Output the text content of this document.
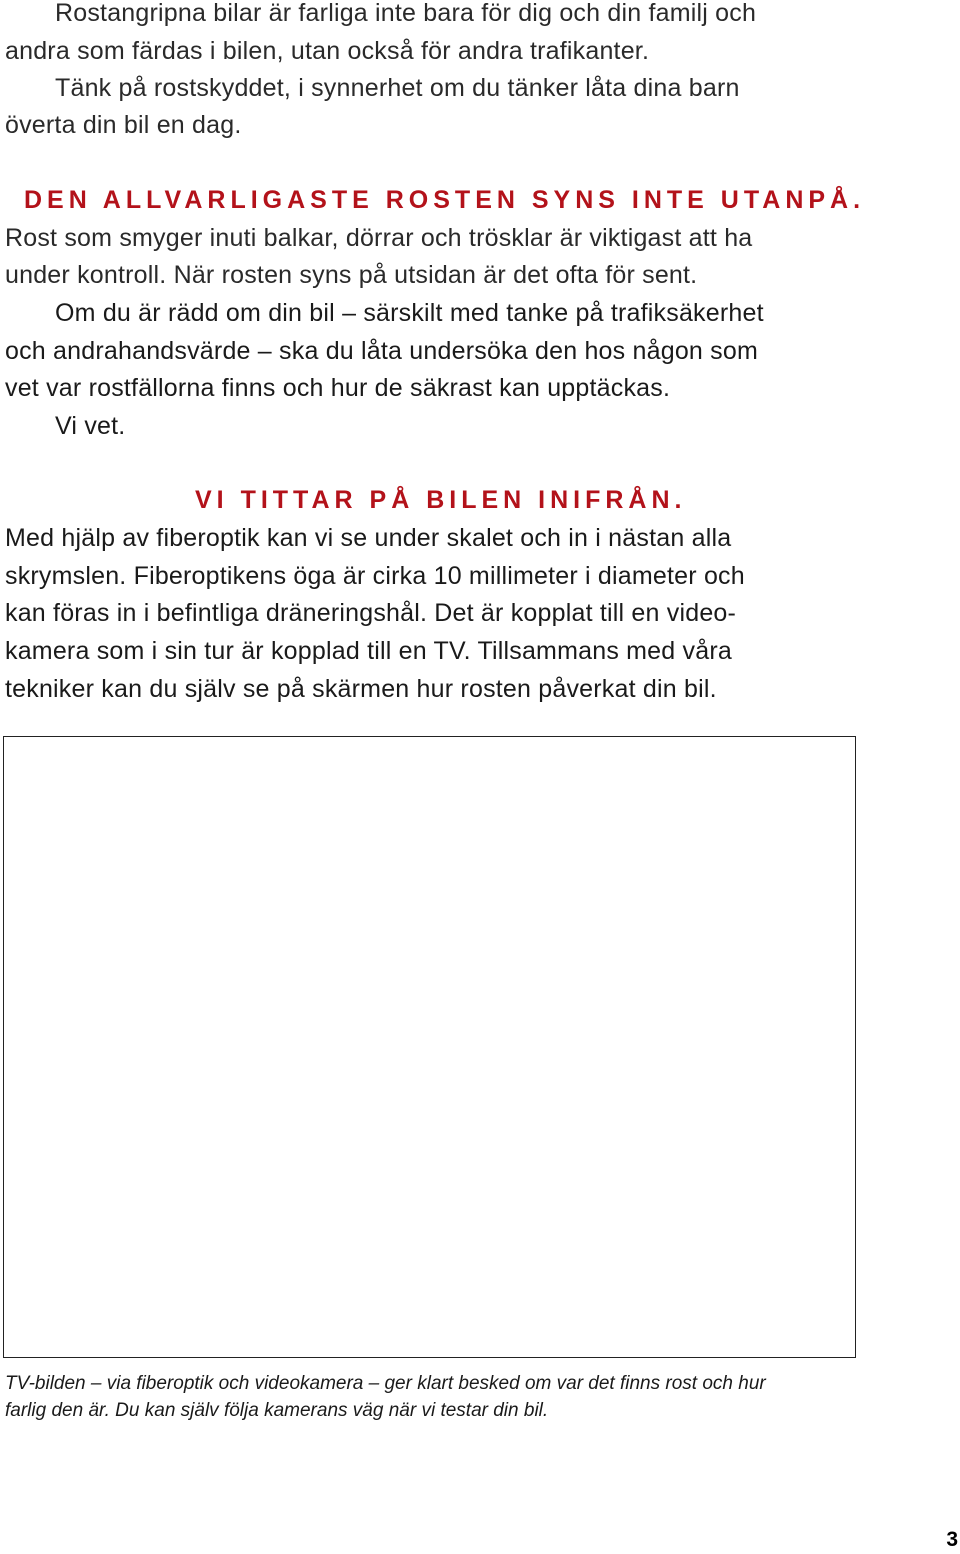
Rostangripna bilar är farliga inte bara för dig och din familj och
andra som färdas i bilen, utan också för andra trafikanter.
Tänk på rostskyddet, i synnerhet om du tänker låta dina barn
överta din bil en dag.
DEN ALLVARLIGASTE ROSTEN SYNS INTE UTANPÅ.
Rost som smyger inuti balkar, dörrar och trösklar är viktigast att ha
under kontroll. När rosten syns på utsidan är det ofta för sent.
Om du är rädd om din bil – särskilt med tanke på trafiksäkerhet
och andrahandsvärde – ska du låta undersöka den hos någon som
vet var rostfällorna finns och hur de säkrast kan upptäckas.
Vi vet.
VI TITTAR PÅ BILEN INIFRÅN.
Med hjälp av fiberoptik kan vi se under skalet och in i nästan alla
skrymslen. Fiberoptikens öga är cirka 10 millimeter i diameter och
kan föras in i befintliga dräneringshål. Det är kopplat till en video-
kamera som i sin tur är kopplad till en TV. Tillsammans med våra
tekniker kan du själv se på skärmen hur rosten påverkat din bil.
TV-bilden – via fiberoptik och videokamera – ger klart besked om var det finns rost och hur
farlig den är. Du kan själv följa kamerans väg när vi testar din bil.
3
